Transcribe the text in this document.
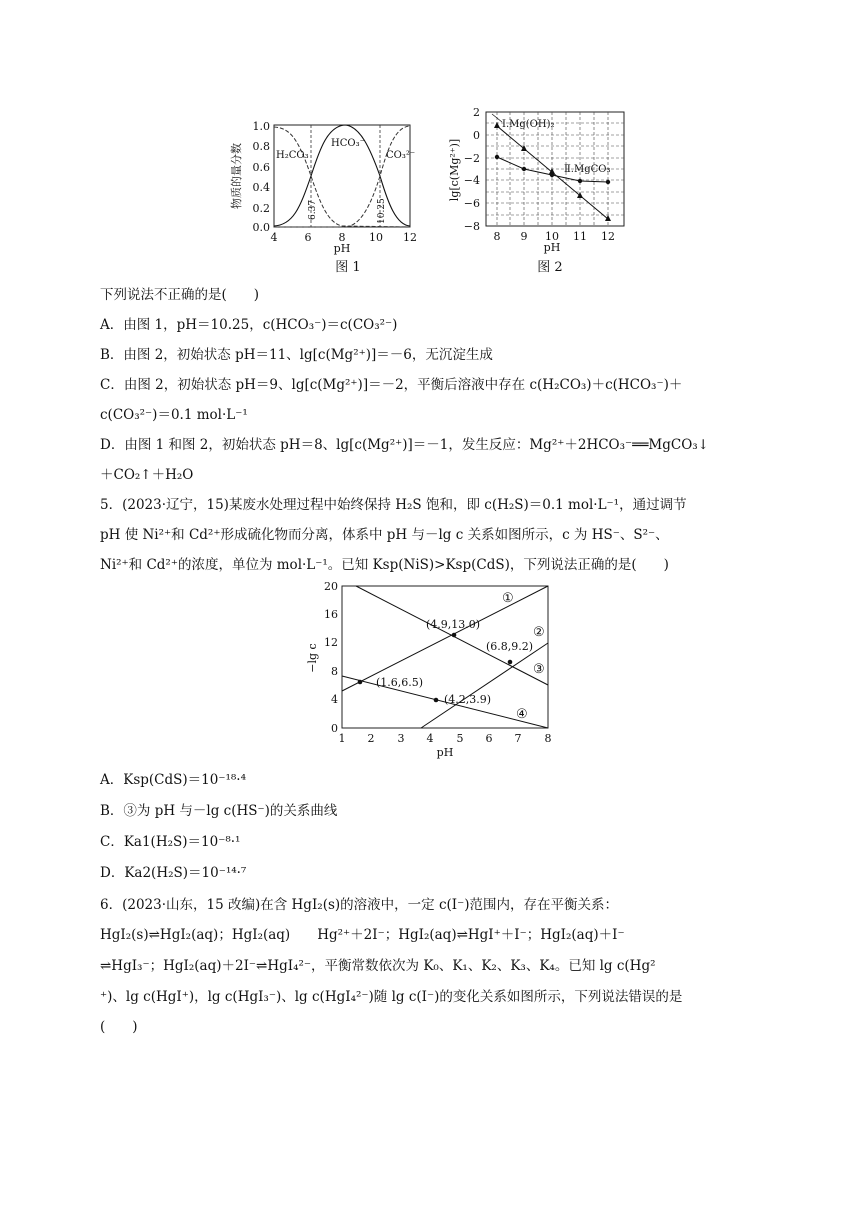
1.0
0.8
0.6
0.4
0.2
0.0
4 6 8 10 12
pH
物质的量分数	H₂CO₃
HCO₃⁻
CO₃²⁻
6.37	10.25
图 1
2
0
−2
−4
−6
−8
8 9 10 11 12
pH
lg[c(Mg²⁺)]
Ⅰ.Mg(OH)₂
Ⅱ.MgCO₃
图 2
下列说法不正确的是(　　)
A．由图 1，pH＝10.25，c(HCO₃⁻)＝c(CO₃²⁻)
B．由图 2，初始状态 pH＝11、lg[c(Mg²⁺)]＝－6，无沉淀生成
C．由图 2，初始状态 pH＝9、lg[c(Mg²⁺)]＝－2，平衡后溶液中存在 c(H₂CO₃)＋c(HCO₃⁻)＋
c(CO₃²⁻)＝0.1 mol·L⁻¹
D．由图 1 和图 2，初始状态 pH＝8、lg[c(Mg²⁺)]＝－1，发生反应：Mg²⁺＋2HCO₃⁻══MgCO₃↓
＋CO₂↑＋H₂O
5．(2023·辽宁，15)某废水处理过程中始终保持 H₂S 饱和，即 c(H₂S)＝0.1 mol·L⁻¹，通过调节
pH 使 Ni²⁺和 Cd²⁺形成硫化物而分离，体系中 pH 与－lg c 关系如图所示，c 为 HS⁻、S²⁻、
Ni²⁺和 Cd²⁺的浓度，单位为 mol·L⁻¹。已知 Ksp(NiS)>Ksp(CdS)，下列说法正确的是(　　)
20
16
12
8
4
0
1 2 3 4 5 6 7 8
pH
−lg c
(4.9,13.0)
(6.8,9.2)
(1.6,6.5)
(4.2,3.9)
①
②
③
④
A．Ksp(CdS)＝10⁻¹⁸·⁴
B．③为 pH 与－lg c(HS⁻)的关系曲线
C．Ka1(H₂S)＝10⁻⁸·¹
D．Ka2(H₂S)＝10⁻¹⁴·⁷
6．(2023·山东，15 改编)在含 HgI₂(s)的溶液中，一定 c(I⁻)范围内，存在平衡关系：
HgI₂(s)⇌HgI₂(aq)；HgI₂(aq)　　Hg²⁺＋2I⁻；HgI₂(aq)⇌HgI⁺＋I⁻；HgI₂(aq)＋I⁻
⇌HgI₃⁻；HgI₂(aq)＋2I⁻⇌HgI₄²⁻，平衡常数依次为 K₀、K₁、K₂、K₃、K₄。已知 lg c(Hg²
⁺)、lg c(HgI⁺)，lg c(HgI₃⁻)、lg c(HgI₄²⁻)随 lg c(I⁻)的变化关系如图所示，下列说法错误的是
(　　)
